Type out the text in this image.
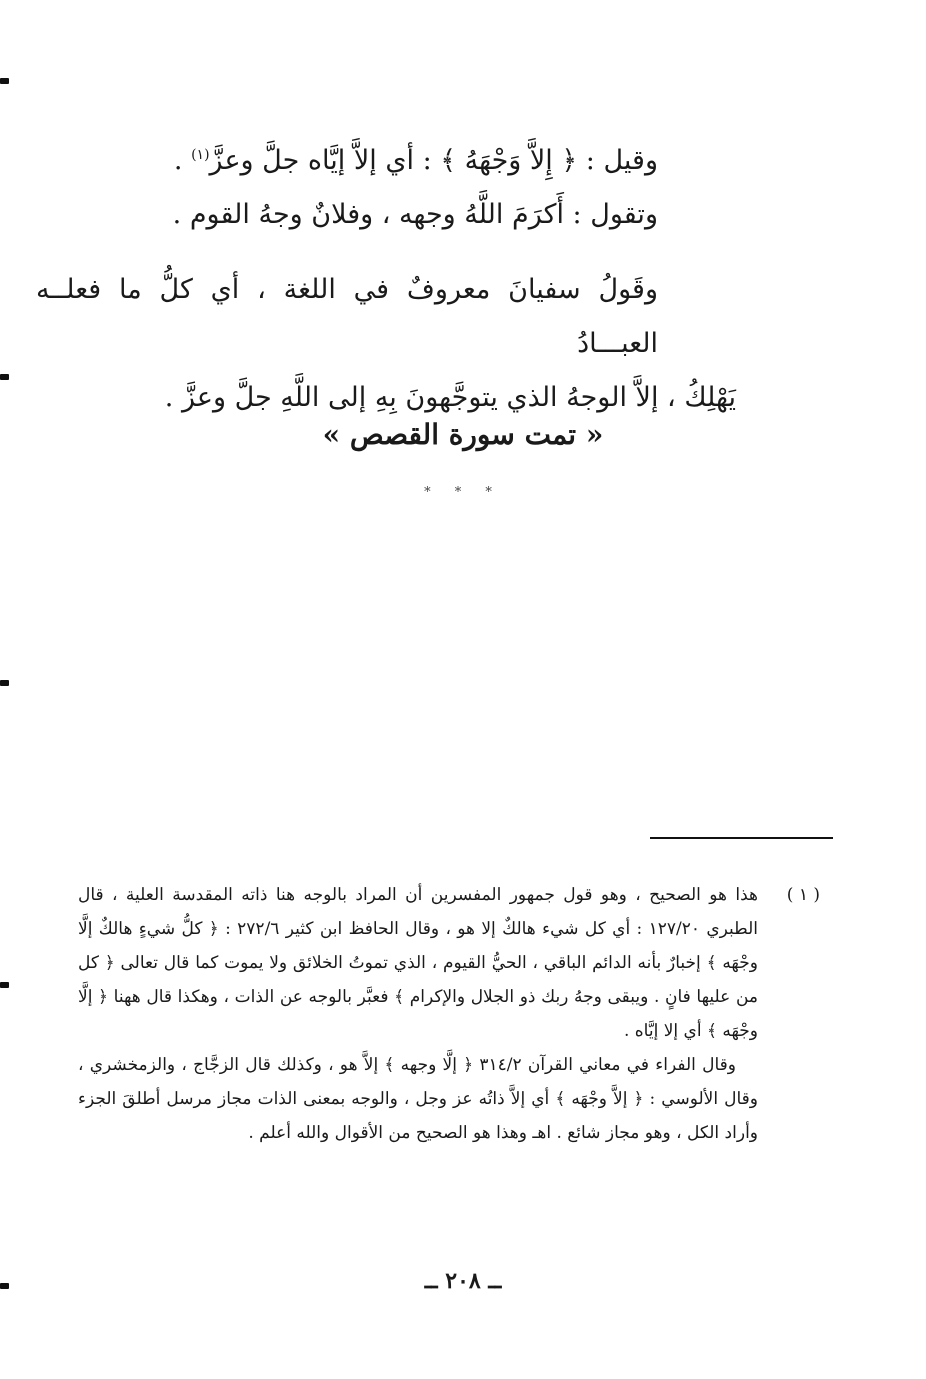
وقيل : ﴿ إِلاَّ وَجْهَهُ ﴾ : أي إلاَّ إيَّاه جلَّ وعزَّ$^{(١)}$ .

وتقول : أَكرَمَ اللَّهُ وجهه ، وفلانٌ وجهُ القوم .

وقَولُ سفيانَ معروفٌ في اللغة ، أي كلُّ ما فعلــه العبـــادُ

يَهْلِكُ ، إلاَّ الوجهُ الذي يتوجَّهونَ بِهِ إلى اللَّهِ جلَّ وعزَّ .

« تمت سورة القصص »
* * *
( ١ )

هذا هو الصحيح ، وهو قول جمهور المفسرين أن المراد بالوجه هنا ذاته المقدسة العلية ، قال الطبري ١٢٧/٢٠ : أي كل شيء هالكٌ إلا هو ، وقال الحافظ ابن كثير ٢٧٢/٦ : ﴿ كلُّ شيءٍ هالكٌ إلَّا وجْهَه ﴾ إخبارٌ بأنه الدائم الباقي ، الحيُّ القيوم ، الذي تموتُ الخلائق ولا يموت كما قال تعالى ﴿ كل من عليها فانٍ . ويبقى وجهُ ربك ذو الجلال والإكرام ﴾ فعبَّر بالوجه عن الذات ، وهكذا قال ههنا ﴿ إلَّا وجْهَه ﴾ أي إلا إيَّاه .

وقال الفراء في معاني القرآن ٣١٤/٢ ﴿ إلَّا وجهه ﴾ إلاَّ هو ، وكذلك قال الزجَّاج ، والزمخشري ، وقال الألوسي : ﴿ إلاَّ وجْهَه ﴾ أي إلاَّ ذاتُه عز وجل ، والوجه بمعنى الذات مجاز مرسل أطلقَ الجزء وأراد الكل ، وهو مجاز شائع . اهـ وهذا هو الصحيح من الأقوال والله أعلم .

ــ ٢٠٨ ــ
